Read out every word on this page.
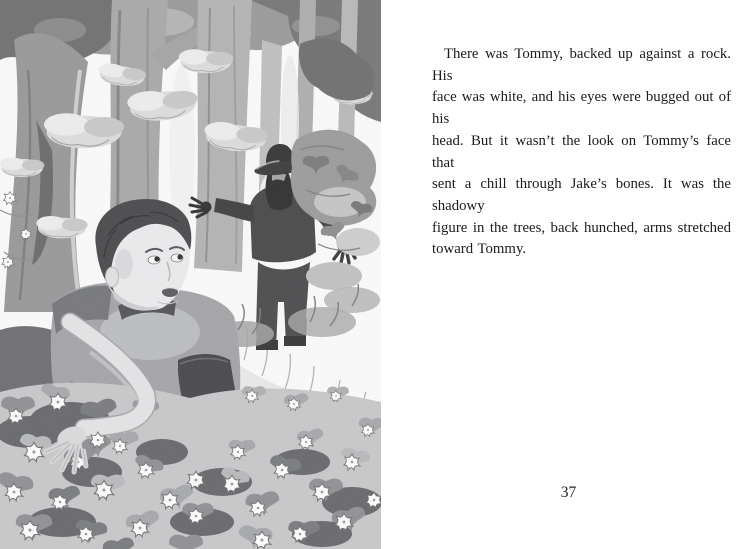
There was Tommy, backed up against a rock. His
face was white, and his eyes were bugged out of his
head. But it wasn’t the look on Tommy’s face that
sent a chill through Jake’s bones. It was the shadowy
figure in the trees, back hunched, arms stretched
toward Tommy.
37
